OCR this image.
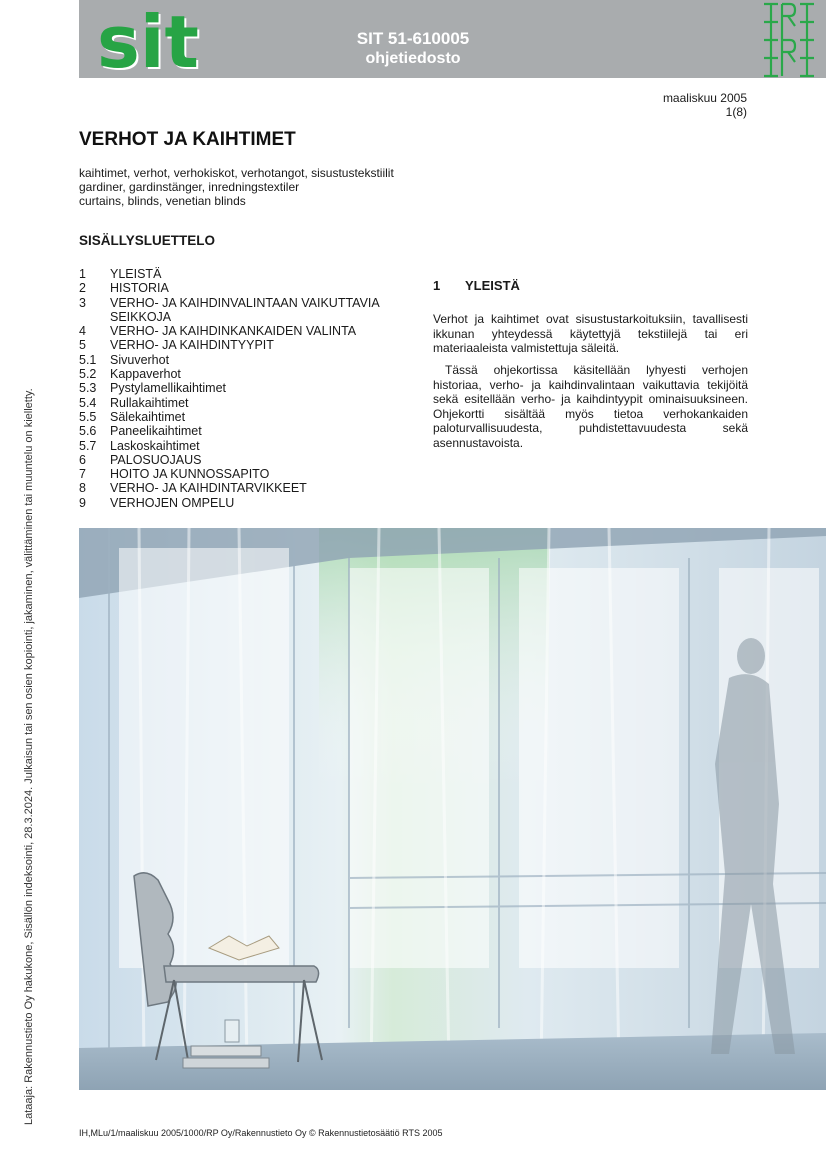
sit	SIT 51-610005
ohjetiedosto
maaliskuu 2005
1(8)
VERHOT JA KAIHTIMET
kaihtimet, verhot, verhokiskot, verhotangot, sisustustekstiilit
gardiner, gardinstänger, inredningstextiler
curtains, blinds, venetian blinds
SISÄLLYSLUETTELO
1	YLEISTÄ
2	HISTORIA
3	VERHO- JA KAIHDINVALINTAAN VAIKUTTAVIA SEIKKOJA
4	VERHO- JA KAIHDINKANKAIDEN VALINTA
5	VERHO- JA KAIHDINTYYPIT
5.1	Sivuverhot
5.2	Kappaverhot
5.3	Pystylamellikaihtimet
5.4	Rullakaihtimet
5.5	Sälekaihtimet
5.6	Paneelikaihtimet
5.7	Laskoskaihtimet
6	PALOSUOJAUS
7	HOITO JA KUNNOSSAPITO
8	VERHO- JA KAIHDINTARVIKKEET
9	VERHOJEN OMPELU
1 YLEISTÄ

Verhot ja kaihtimet ovat sisustustarkoituksiin, tavallisesti ikkunan yhteydessä käytettyjä tekstiilejä tai eri materiaaleista valmistettuja säleitä.

Tässä ohjekortissa käsitellään lyhyesti verhojen historiaa, verho- ja kaihdinvalintaan vaikuttavia tekijöitä sekä esitellään verho- ja kaihdintyypit ominaisuuksineen. Ohjekortti sisältää myös tietoa verhokankaiden paloturvallisuudesta, puhdistettavuudesta sekä asennustavoista.

Lataaja: Rakennustieto Oy hakukone, Sisällön indeksointi, 28.3.2024. Julkaisun tai sen osien kopiointi, jakaminen, välittäminen tai muuntelu on kielletty.
IH,MLu/1/maaliskuu 2005/1000/RP Oy/Rakennustieto Oy © Rakennustietosäätiö RTS 2005
